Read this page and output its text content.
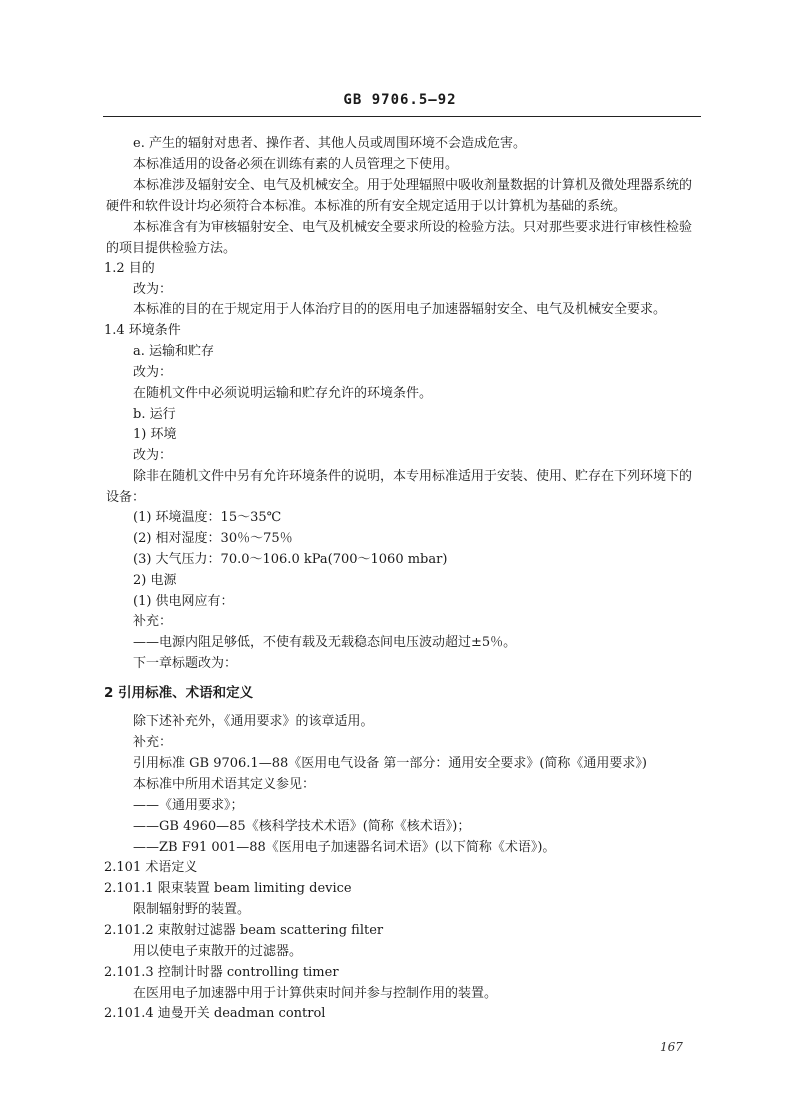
GB 9706.5—92
e. 产生的辐射对患者、操作者、其他人员或周围环境不会造成危害。
本标准适用的设备必须在训练有素的人员管理之下使用。
本标准涉及辐射安全、电气及机械安全。用于处理辐照中吸收剂量数据的计算机及微处理器系统的
硬件和软件设计均必须符合本标准。本标准的所有安全规定适用于以计算机为基础的系统。
本标准含有为审核辐射安全、电气及机械安全要求所设的检验方法。只对那些要求进行审核性检验
的项目提供检验方法。
1.2 目的
改为：
本标准的目的在于规定用于人体治疗目的的医用电子加速器辐射安全、电气及机械安全要求。
1.4 环境条件
a. 运输和贮存
改为：
在随机文件中必须说明运输和贮存允许的环境条件。
b. 运行
1) 环境
改为：
除非在随机文件中另有允许环境条件的说明，本专用标准适用于安装、使用、贮存在下列环境下的
设备：
(1) 环境温度：15～35℃
(2) 相对湿度：30％～75％
(3) 大气压力：70.0～106.0 kPa(700～1060 mbar)
2) 电源
(1) 供电网应有：
补充：
——电源内阻足够低，不使有载及无载稳态间电压波动超过±5％。
下一章标题改为：
2 引用标准、术语和定义
除下述补充外，《通用要求》的该章适用。
补充：
引用标准 GB 9706.1—88《医用电气设备 第一部分：通用安全要求》(简称《通用要求》)
本标准中所用术语其定义参见：
——《通用要求》；
——GB 4960—85《核科学技术术语》(简称《核术语》)；
——ZB F91 001—88《医用电子加速器名词术语》(以下简称《术语》)。
2.101 术语定义
2.101.1 限束装置 beam limiting device
限制辐射野的装置。
2.101.2 束散射过滤器 beam scattering filter
用以使电子束散开的过滤器。
2.101.3 控制计时器 controlling timer
在医用电子加速器中用于计算供束时间并参与控制作用的装置。
2.101.4 迪曼开关 deadman control
167
